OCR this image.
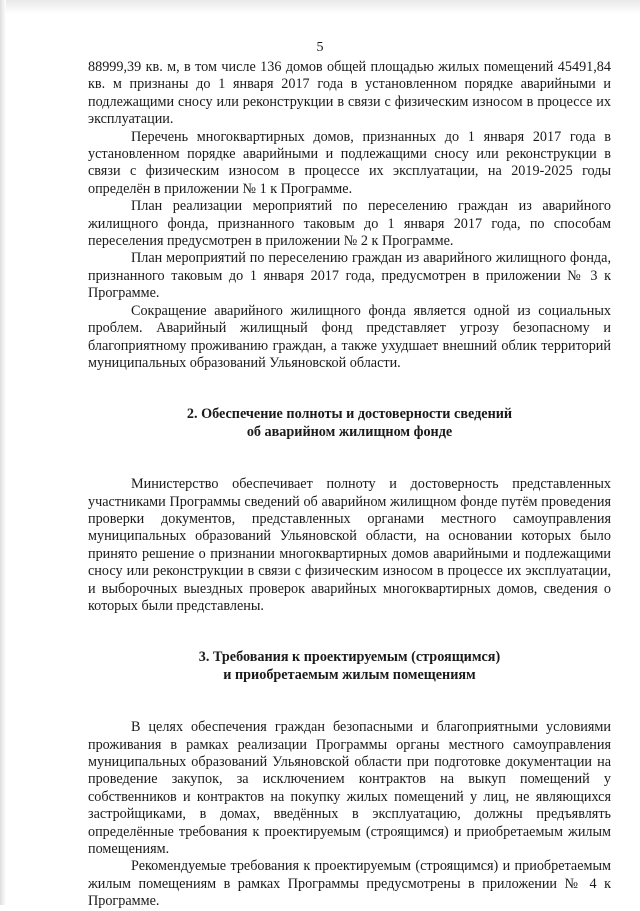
5

88999,39 кв. м, в том числе 136 домов общей площадью жилых помещений 45491,84 кв. м признаны до 1 января 2017 года в установленном порядке аварийными и подлежащими сносу или реконструкции в связи с физическим износом в процессе их эксплуатации.

Перечень многоквартирных домов, признанных до 1 января 2017 года в установленном порядке аварийными и подлежащими сносу или реконструкции в связи с физическим износом в процессе их эксплуатации, на 2019-2025 годы определён в приложении № 1 к Программе.

План реализации мероприятий по переселению граждан из аварийного жилищного фонда, признанного таковым до 1 января 2017 года, по способам переселения предусмотрен в приложении № 2 к Программе.

План мероприятий по переселению граждан из аварийного жилищного фонда, признанного таковым до 1 января 2017 года, предусмотрен в приложении № 3 к Программе.

Сокращение аварийного жилищного фонда является одной из социальных проблем. Аварийный жилищный фонд представляет угрозу безопасному и благоприятному проживанию граждан, а также ухудшает внешний облик территорий муниципальных образований Ульяновской области.

2. Обеспечение полноты и достоверности сведений
об аварийном жилищном фонде

Министерство обеспечивает полноту и достоверность представленных участниками Программы сведений об аварийном жилищном фонде путём проведения проверки документов, представленных органами местного самоуправления муниципальных образований Ульяновской области, на основании которых было принято решение о признании многоквартирных домов аварийными и подлежащими сносу или реконструкции в связи с физическим износом в процессе их эксплуатации, и выборочных выездных проверок аварийных многоквартирных домов, сведения о которых были представлены.

3. Требования к проектируемым (строящимся)
и приобретаемым жилым помещениям

В целях обеспечения граждан безопасными и благоприятными условиями проживания в рамках реализации Программы органы местного самоуправления муниципальных образований Ульяновской области при подготовке документации на проведение закупок, за исключением контрактов на выкуп помещений у собственников и контрактов на покупку жилых помещений у лиц, не являющихся застройщиками, в домах, введённых в эксплуатацию, должны предъявлять определённые требования к проектируемым (строящимся) и приобретаемым жилым помещениям.

Рекомендуемые требования к проектируемым (строящимся) и приобретаемым жилым помещениям в рамках Программы предусмотрены в приложении № 4 к Программе.
